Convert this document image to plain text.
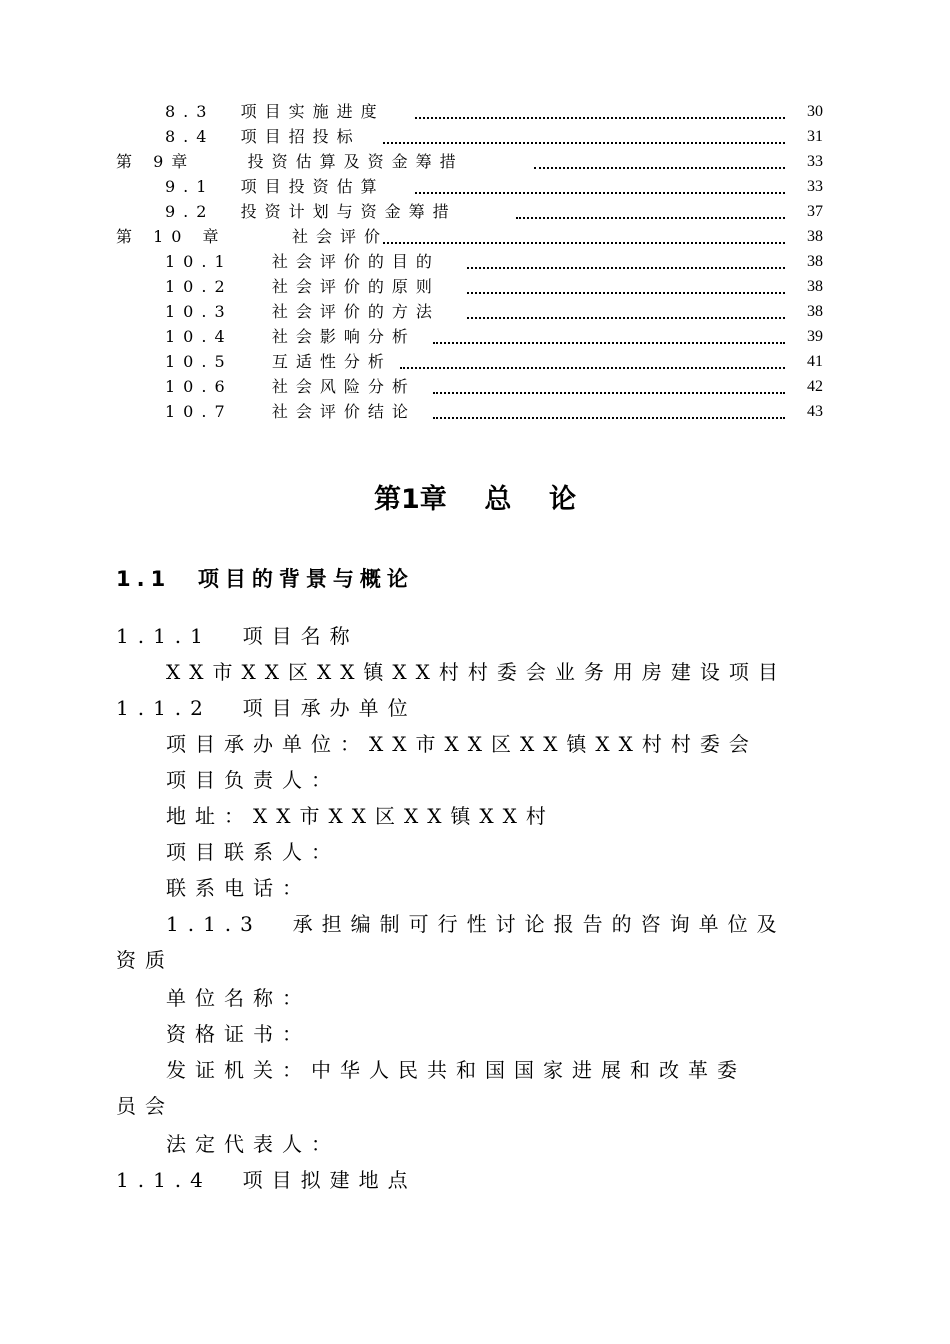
8.3  项目实施进度	30
8.4  项目招投标	31
第 9章    投资估算及资金筹措	33
9.1  项目投资估算	33
9.2  投资计划与资金筹措	37
第 10 章     社会评价	38
10.1   社会评价的目的	38
10.2   社会评价的原则	38
10.3   社会评价的方法	38
10.4   社会影响分析	39
10.5   互适性分析	41
10.6   社会风险分析	42
10.7   社会评价结论	43
第1章    总    论
1.1  项目的背景与概论
1.1.1  项目名称
XX市XX区XX镇XX村村委会业务用房建设项目
1.1.2  项目承办单位
项目承办单位：XX市XX区XX镇XX村村委会
项目负责人：
地址：XX市XX区XX镇XX村
项目联系人：
联系电话：
1.1.3  承担编制可行性讨论报告的咨询单位及
资质
单位名称：
资格证书：
发证机关：中华人民共和国国家进展和改革委
员会
法定代表人：
1.1.4  项目拟建地点
